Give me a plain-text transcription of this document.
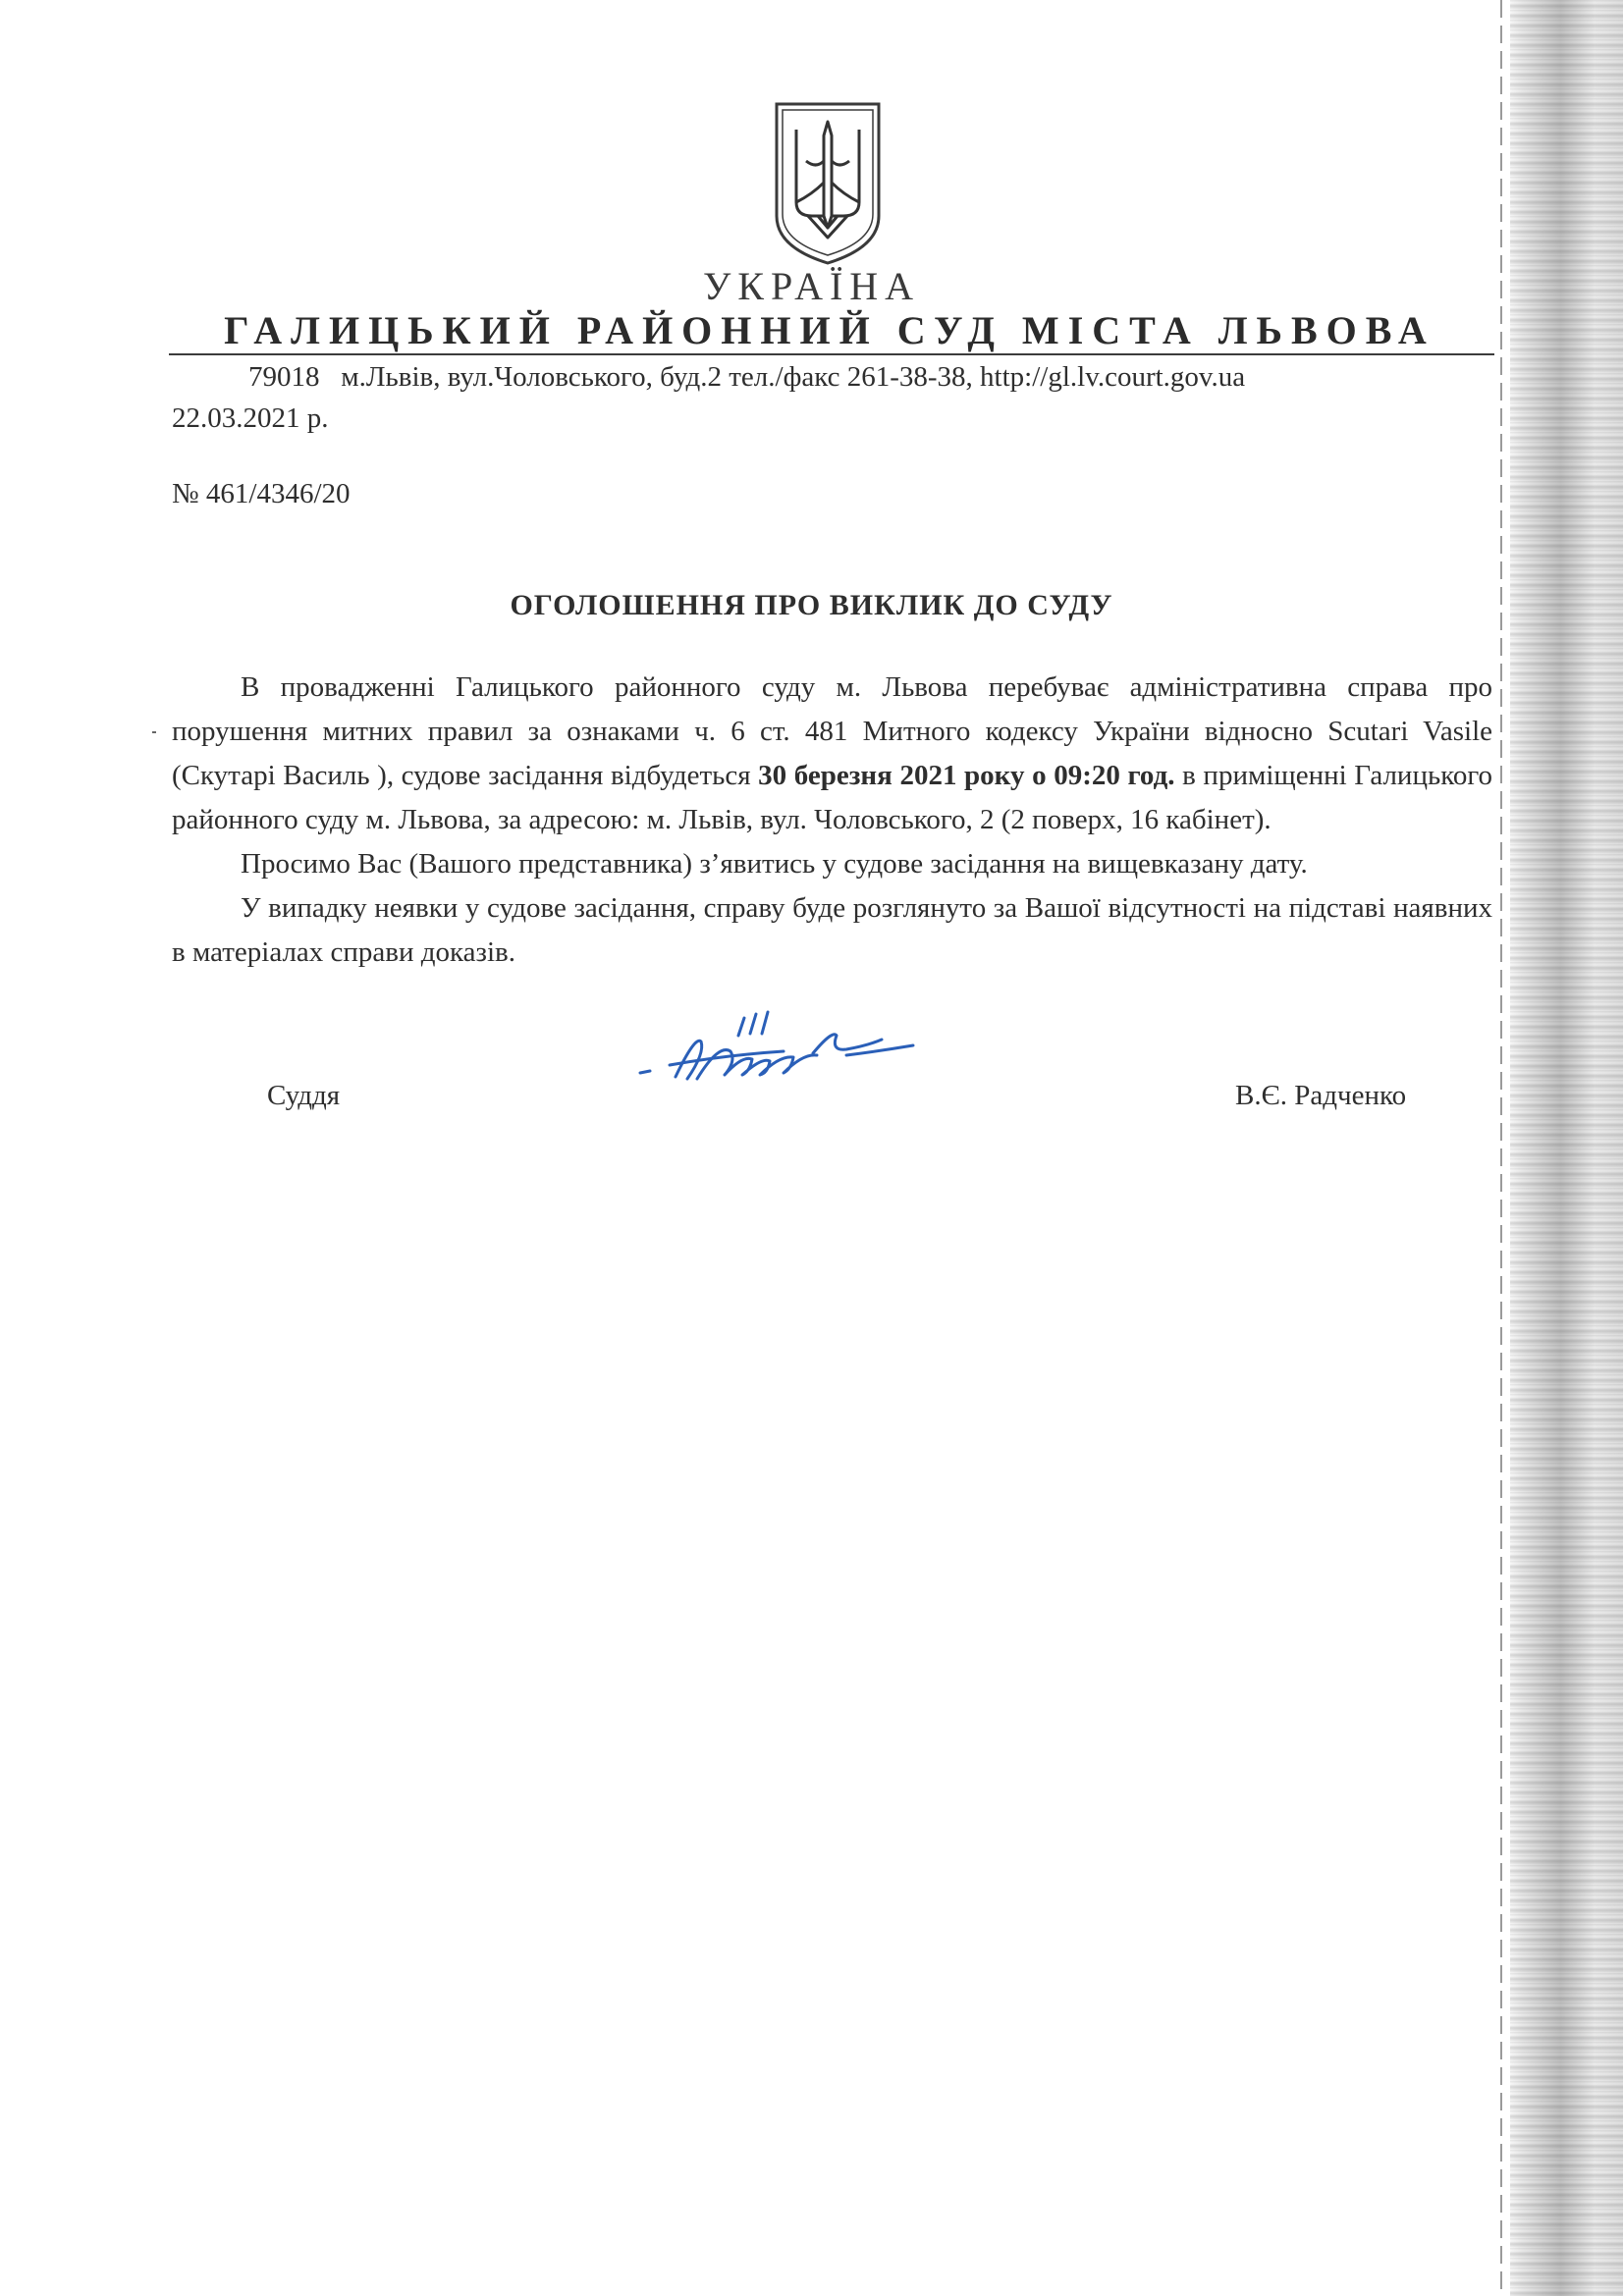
УКРАЇНА
ГАЛИЦЬКИЙ РАЙОННИЙ СУД МІСТА ЛЬВОВА
79018 м.Львів, вул.Чоловського, буд.2 тел./факс 261-38-38, http://gl.lv.court.gov.ua
22.03.2021 р.
№ 461/4346/20
ОГОЛОШЕННЯ ПРО ВИКЛИК ДО СУДУ

В провадженні Галицького районного суду м. Львова перебуває адміністративна справа про порушення митних правил за ознаками ч. 6 ст. 481 Митного кодексу України відносно Scutari Vasile (Скутарі Василь ), судове засідання відбудеться 30 березня 2021 року о 09:20 год. в приміщенні Галицького районного суду м. Львова, за адресою: м. Львів, вул. Чоловського, 2 (2 поверх, 16 кабінет).

Просимо Вас (Вашого представника) з’явитись у судове засідання на вищевказану дату.

У випадку неявки у судове засідання, справу буде розглянуто за Вашої відсутності на підставі наявних в матеріалах справи доказів.

Суддя	В.Є. Радченко
